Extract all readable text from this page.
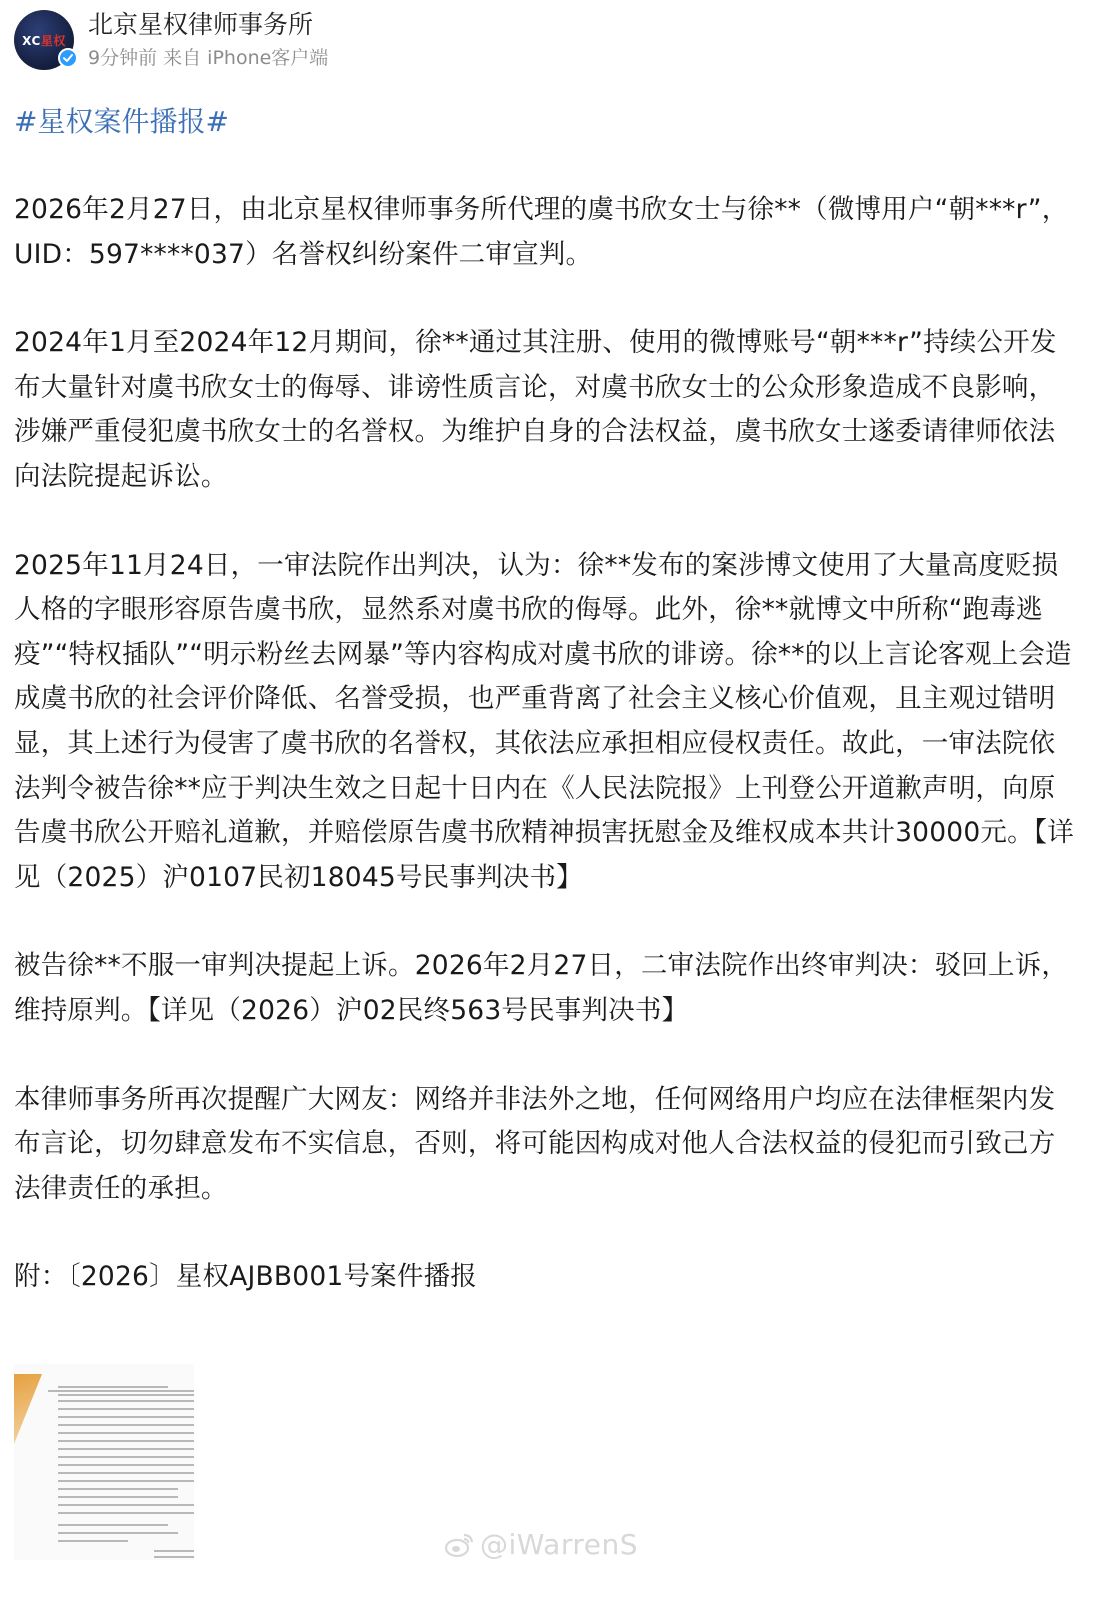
XC星权
北京星权律师事务所
9分钟前 来自 iPhone客户端

#星权案件播报#

2026年2月27日，由北京星权律师事务所代理的虞书欣女士与徐**（微博用户“朝***r”，UID：597****037）名誉权纠纷案件二审宣判。

2024年1月至2024年12月期间，徐**通过其注册、使用的微博账号“朝***r”持续公开发布大量针对虞书欣女士的侮辱、诽谤性质言论，对虞书欣女士的公众形象造成不良影响，涉嫌严重侵犯虞书欣女士的名誉权。为维护自身的合法权益，虞书欣女士遂委请律师依法向法院提起诉讼。

2025年11月24日，一审法院作出判决，认为：徐**发布的案涉博文使用了大量高度贬损人格的字眼形容原告虞书欣，显然系对虞书欣的侮辱。此外，徐**就博文中所称“跑毒逃疫”“特权插队”“明示粉丝去网暴”等内容构成对虞书欣的诽谤。徐**的以上言论客观上会造成虞书欣的社会评价降低、名誉受损，也严重背离了社会主义核心价值观，且主观过错明显，其上述行为侵害了虞书欣的名誉权，其依法应承担相应侵权责任。故此，一审法院依法判令被告徐**应于判决生效之日起十日内在《人民法院报》上刊登公开道歉声明，向原告虞书欣公开赔礼道歉，并赔偿原告虞书欣精神损害抚慰金及维权成本共计30000元。【详见（2025）沪0107民初18045号民事判决书】

被告徐**不服一审判决提起上诉。2026年2月27日，二审法院作出终审判决：驳回上诉，维持原判。【详见（2026）沪02民终563号民事判决书】

本律师事务所再次提醒广大网友：网络并非法外之地，任何网络用户均应在法律框架内发布言论，切勿肆意发布不实信息，否则，将可能因构成对他人合法权益的侵犯而引致己方法律责任的承担。

附：〔2026〕星权AJBB001号案件播报

@iWarrenS
